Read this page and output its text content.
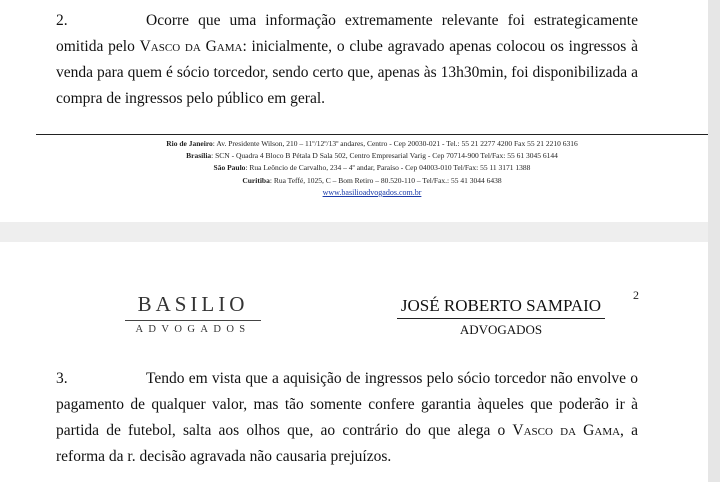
2.	Ocorre que uma informação extremamente relevante foi estrategicamente omitida pelo Vasco da Gama: inicialmente, o clube agravado apenas colocou os ingressos à venda para quem é sócio torcedor, sendo certo que, apenas às 13h30min, foi disponibilizada a compra de ingressos pelo público em geral.
Rio de Janeiro: Av. Presidente Wilson, 210 – 11º/12º/13º andares, Centro - Cep 20030-021 - Tel.: 55 21 2277 4200 Fax 55 21 2210 6316
Brasília: SCN - Quadra 4 Bloco B Pétala D Sala 502, Centro Empresarial Varig - Cep 70714-900 Tel/Fax: 55 61 3045 6144
São Paulo: Rua Leôncio de Carvalho, 234 – 4º andar, Paraíso - Cep 04003-010 Tel/Fax: 55 11 3171 1388
Curitiba: Rua Teffé, 1025, C – Bom Retiro – 80.520-110 – Tel/Fax.: 55 41 3044 6438
www.basilioadvogados.com.br
BASILIO
ADVOGADOS
JOSÉ ROBERTO SAMPAIO
ADVOGADOS
2
3.	Tendo em vista que a aquisição de ingressos pelo sócio torcedor não envolve o pagamento de qualquer valor, mas tão somente confere garantia àqueles que poderão ir à partida de futebol, salta aos olhos que, ao contrário do que alega o Vasco da Gama, a reforma da r. decisão agravada não causaria prejuízos.
